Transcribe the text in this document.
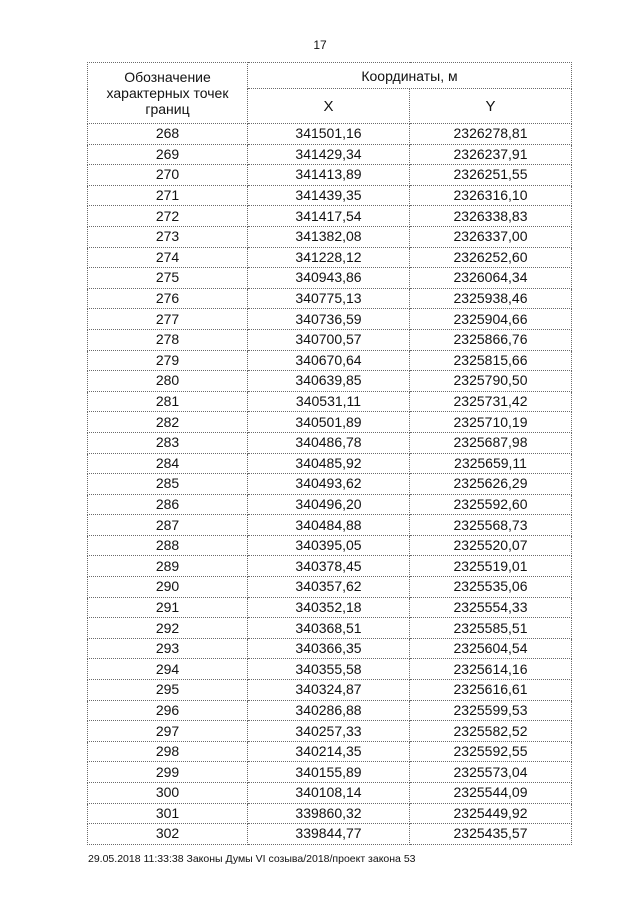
17
Обозначение характерных точек границ	Координаты, м	
	X	Y
268	341501,16	2326278,81
269	341429,34	2326237,91
270	341413,89	2326251,55
271	341439,35	2326316,10
272	341417,54	2326338,83
273	341382,08	2326337,00
274	341228,12	2326252,60
275	340943,86	2326064,34
276	340775,13	2325938,46
277	340736,59	2325904,66
278	340700,57	2325866,76
279	340670,64	2325815,66
280	340639,85	2325790,50
281	340531,11	2325731,42
282	340501,89	2325710,19
283	340486,78	2325687,98
284	340485,92	2325659,11
285	340493,62	2325626,29
286	340496,20	2325592,60
287	340484,88	2325568,73
288	340395,05	2325520,07
289	340378,45	2325519,01
290	340357,62	2325535,06
291	340352,18	2325554,33
292	340368,51	2325585,51
293	340366,35	2325604,54
294	340355,58	2325614,16
295	340324,87	2325616,61
296	340286,88	2325599,53
297	340257,33	2325582,52
298	340214,35	2325592,55
299	340155,89	2325573,04
300	340108,14	2325544,09
301	339860,32	2325449,92
302	339844,77	2325435,57
29.05.2018 11:33:38 Законы Думы VI созыва/2018/проект закона 53
